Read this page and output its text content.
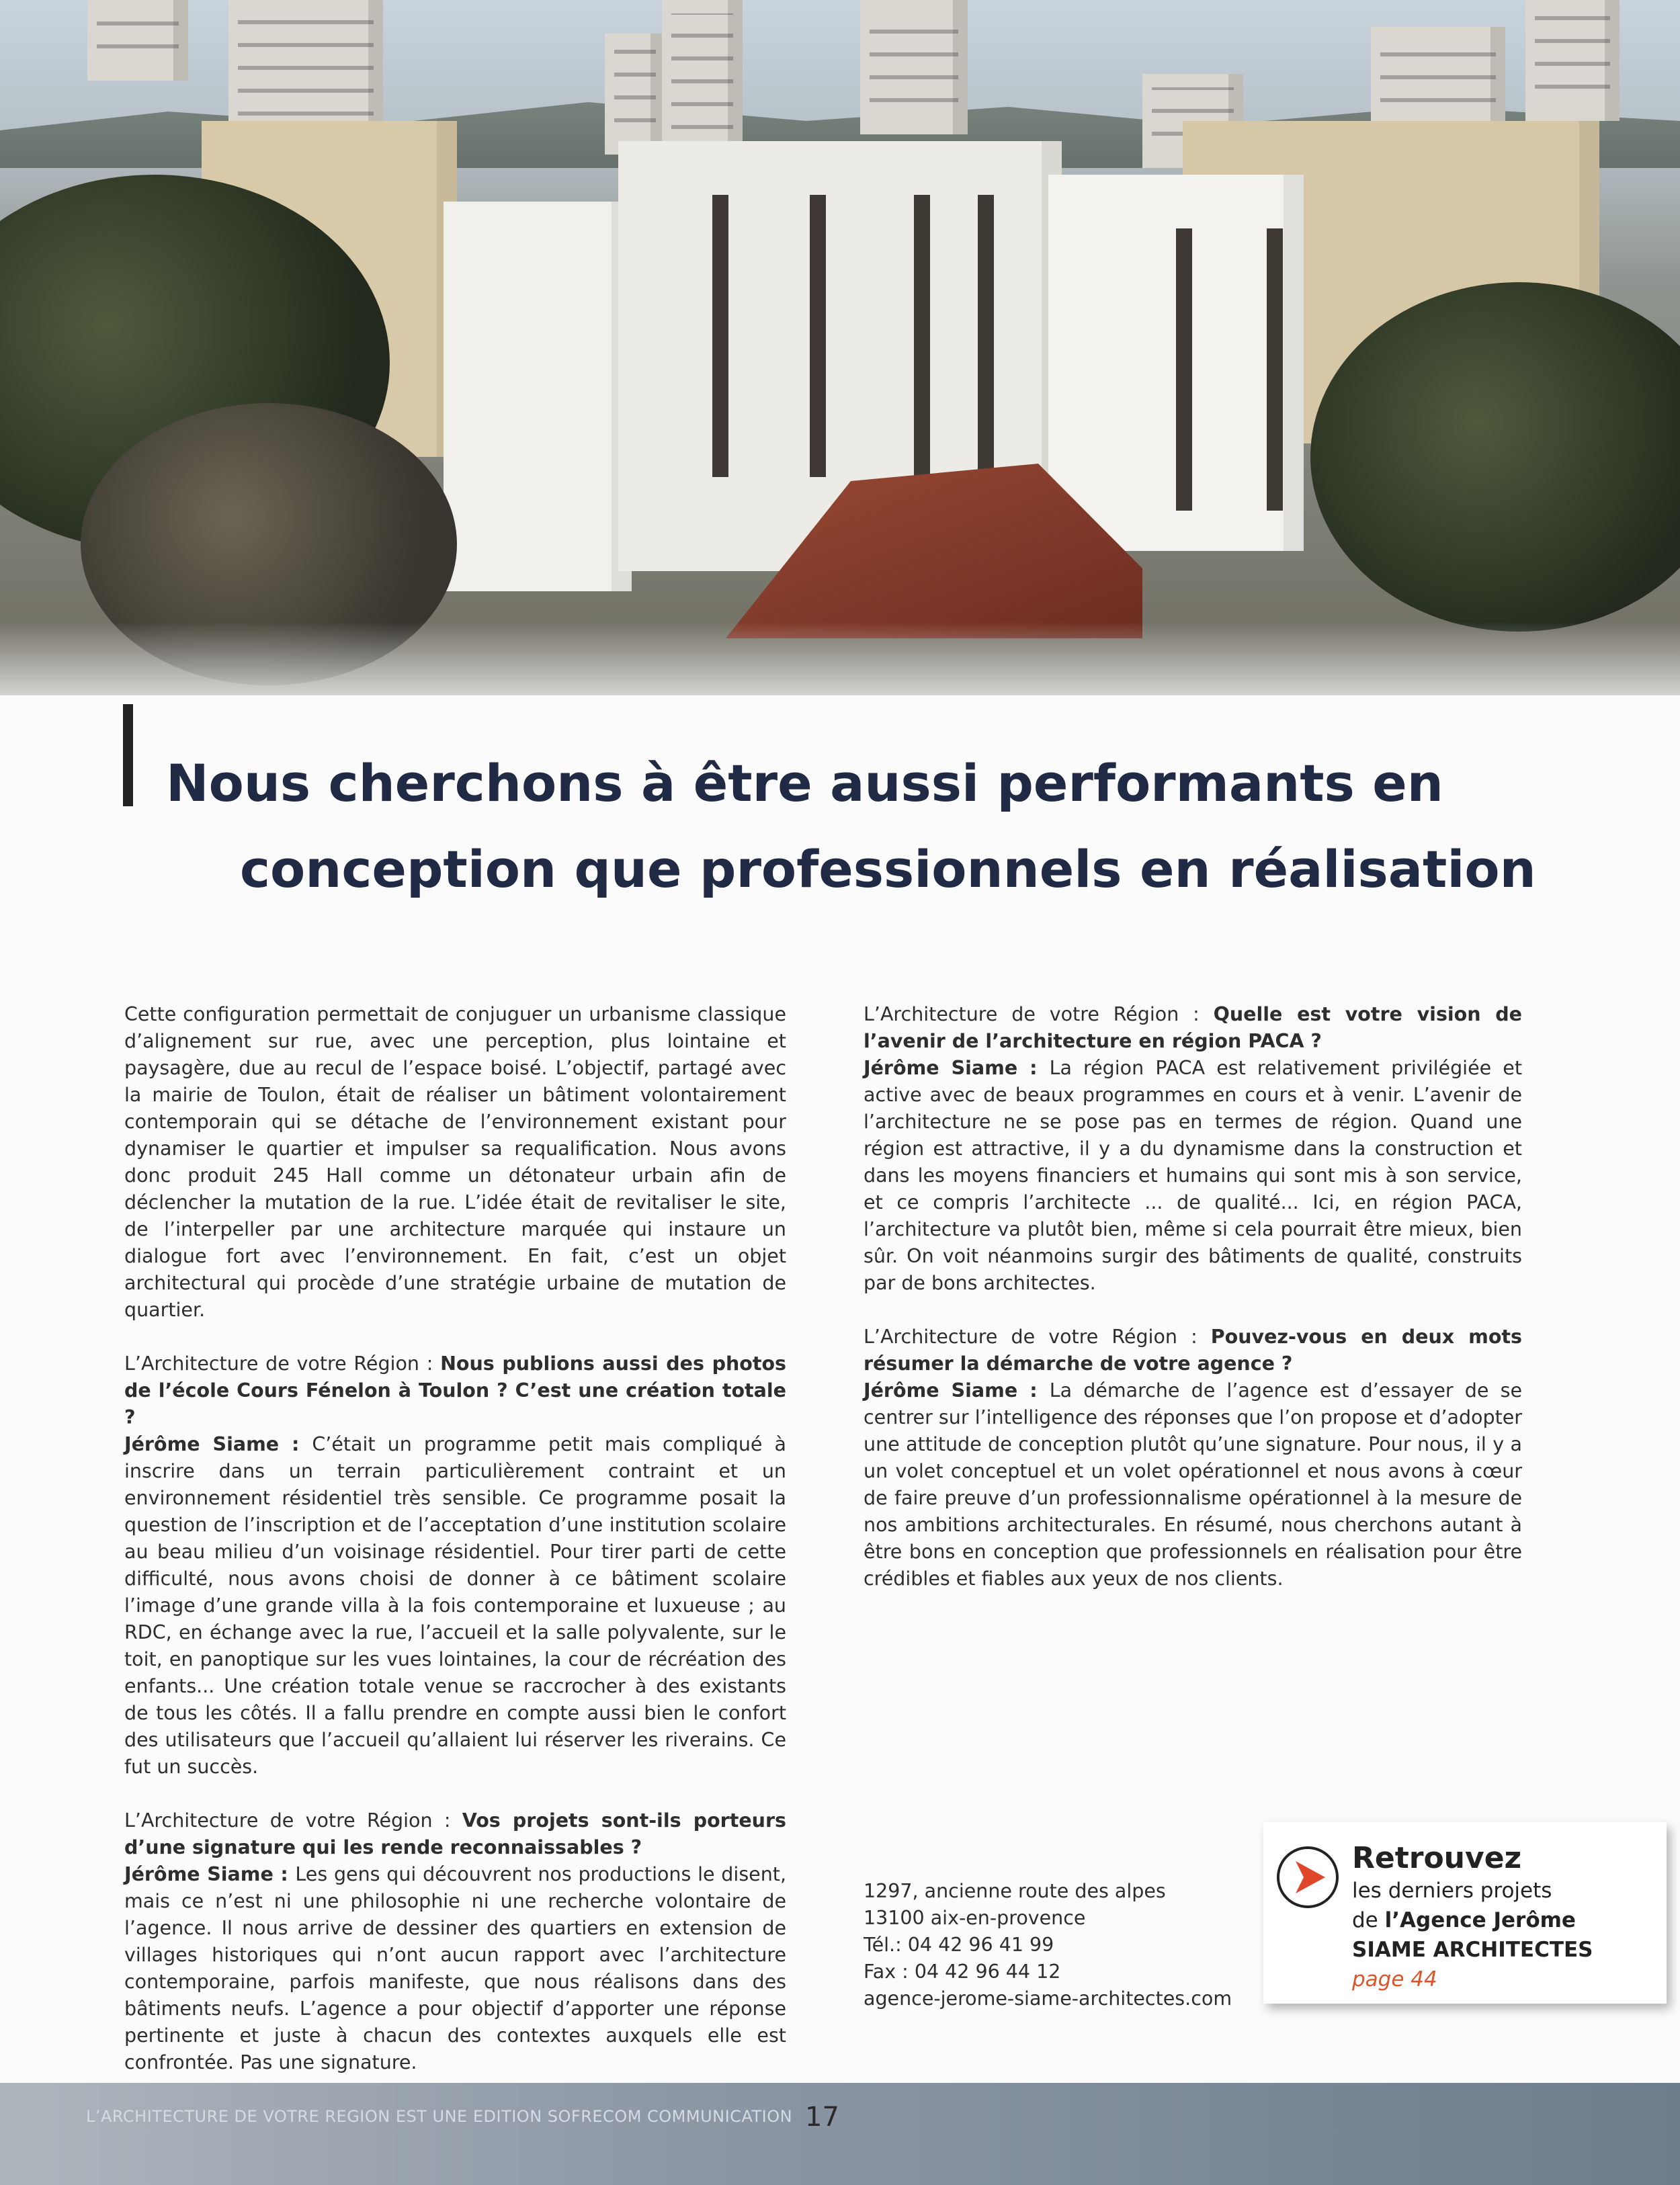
Nous cherchons à être aussi performants en
conception que professionnels en réalisation

Cette configuration permettait de conjuguer un urbanisme classique d’alignement sur rue, avec une perception, plus lointaine et paysagère, due au recul de l’espace boisé. L’objectif, partagé avec la mairie de Toulon, était de réaliser un bâtiment volontairement contemporain qui se détache de l’environnement existant pour dynamiser le quartier et impulser sa requalification. Nous avons donc produit 245 Hall comme un détonateur urbain afin de déclencher la mutation de la rue. L’idée était de revitaliser le site, de l’interpeller par une architecture marquée qui instaure un dialogue fort avec l’environnement. En fait, c’est un objet architectural qui procède d’une stratégie urbaine de mutation de quartier.

L’Architecture de votre Région : Nous publions aussi des photos de l’école Cours Fénelon à Toulon ? C’est une création totale ?
Jérôme Siame : C’était un programme petit mais compliqué à inscrire dans un terrain particulièrement contraint et un environnement résidentiel très sensible. Ce programme posait la question de l’inscription et de l’acceptation d’une institution scolaire au beau milieu d’un voisinage résidentiel. Pour tirer parti de cette difficulté, nous avons choisi de donner à ce bâtiment scolaire l’image d’une grande villa à la fois contemporaine et luxueuse ; au RDC, en échange avec la rue, l’accueil et la salle polyvalente, sur le toit, en panoptique sur les vues lointaines, la cour de récréation des enfants... Une création totale venue se raccrocher à des existants de tous les côtés. Il a fallu prendre en compte aussi bien le confort des utilisateurs que l’accueil qu’allaient lui réserver les riverains. Ce fut un succès.

L’Architecture de votre Région : Vos projets sont-ils porteurs d’une signature qui les rende reconnaissables ?
Jérôme Siame : Les gens qui découvrent nos productions le disent, mais ce n’est ni une philosophie ni une recherche volontaire de l’agence. Il nous arrive de dessiner des quartiers en extension de villages historiques qui n’ont aucun rapport avec l’architecture contemporaine, parfois manifeste, que nous réalisons dans des bâtiments neufs. L’agence a pour objectif d’apporter une réponse pertinente et juste à chacun des contextes auxquels elle est confrontée. Pas une signature.

L’Architecture de votre Région : Quelle est votre vision de l’avenir de l’architecture en région PACA ?
Jérôme Siame : La région PACA est relativement privilégiée et active avec de beaux programmes en cours et à venir. L’avenir de l’architecture ne se pose pas en termes de région. Quand une région est attractive, il y a du dynamisme dans la construction et dans les moyens financiers et humains qui sont mis à son service, et ce compris l’architecte ... de qualité... Ici, en région PACA, l’architecture va plutôt bien, même si cela pourrait être mieux, bien sûr. On voit néanmoins surgir des bâtiments de qualité, construits par de bons architectes.

L’Architecture de votre Région : Pouvez-vous en deux mots résumer la démarche de votre agence ?
Jérôme Siame : La démarche de l’agence est d’essayer de se centrer sur l’intelligence des réponses que l’on propose et d’adopter une attitude de conception plutôt qu’une signature. Pour nous, il y a un volet conceptuel et un volet opérationnel et nous avons à cœur de faire preuve d’un professionnalisme opérationnel à la mesure de nos ambitions architecturales. En résumé, nous cherchons autant à être bons en conception que professionnels en réalisation pour être crédibles et fiables aux yeux de nos clients.

1297, ancienne route des alpes
13100 aix-en-provence
Tél.: 04 42 96 41 99
Fax : 04 42 96 44 12
agence-jerome-siame-architectes.com
Retrouvez
les derniers projets
de l’Agence Jerôme
SIAME ARCHITECTES
page 44
L’ARCHITECTURE DE VOTRE REGION EST UNE EDITION SOFRECOM COMMUNICATION 17
